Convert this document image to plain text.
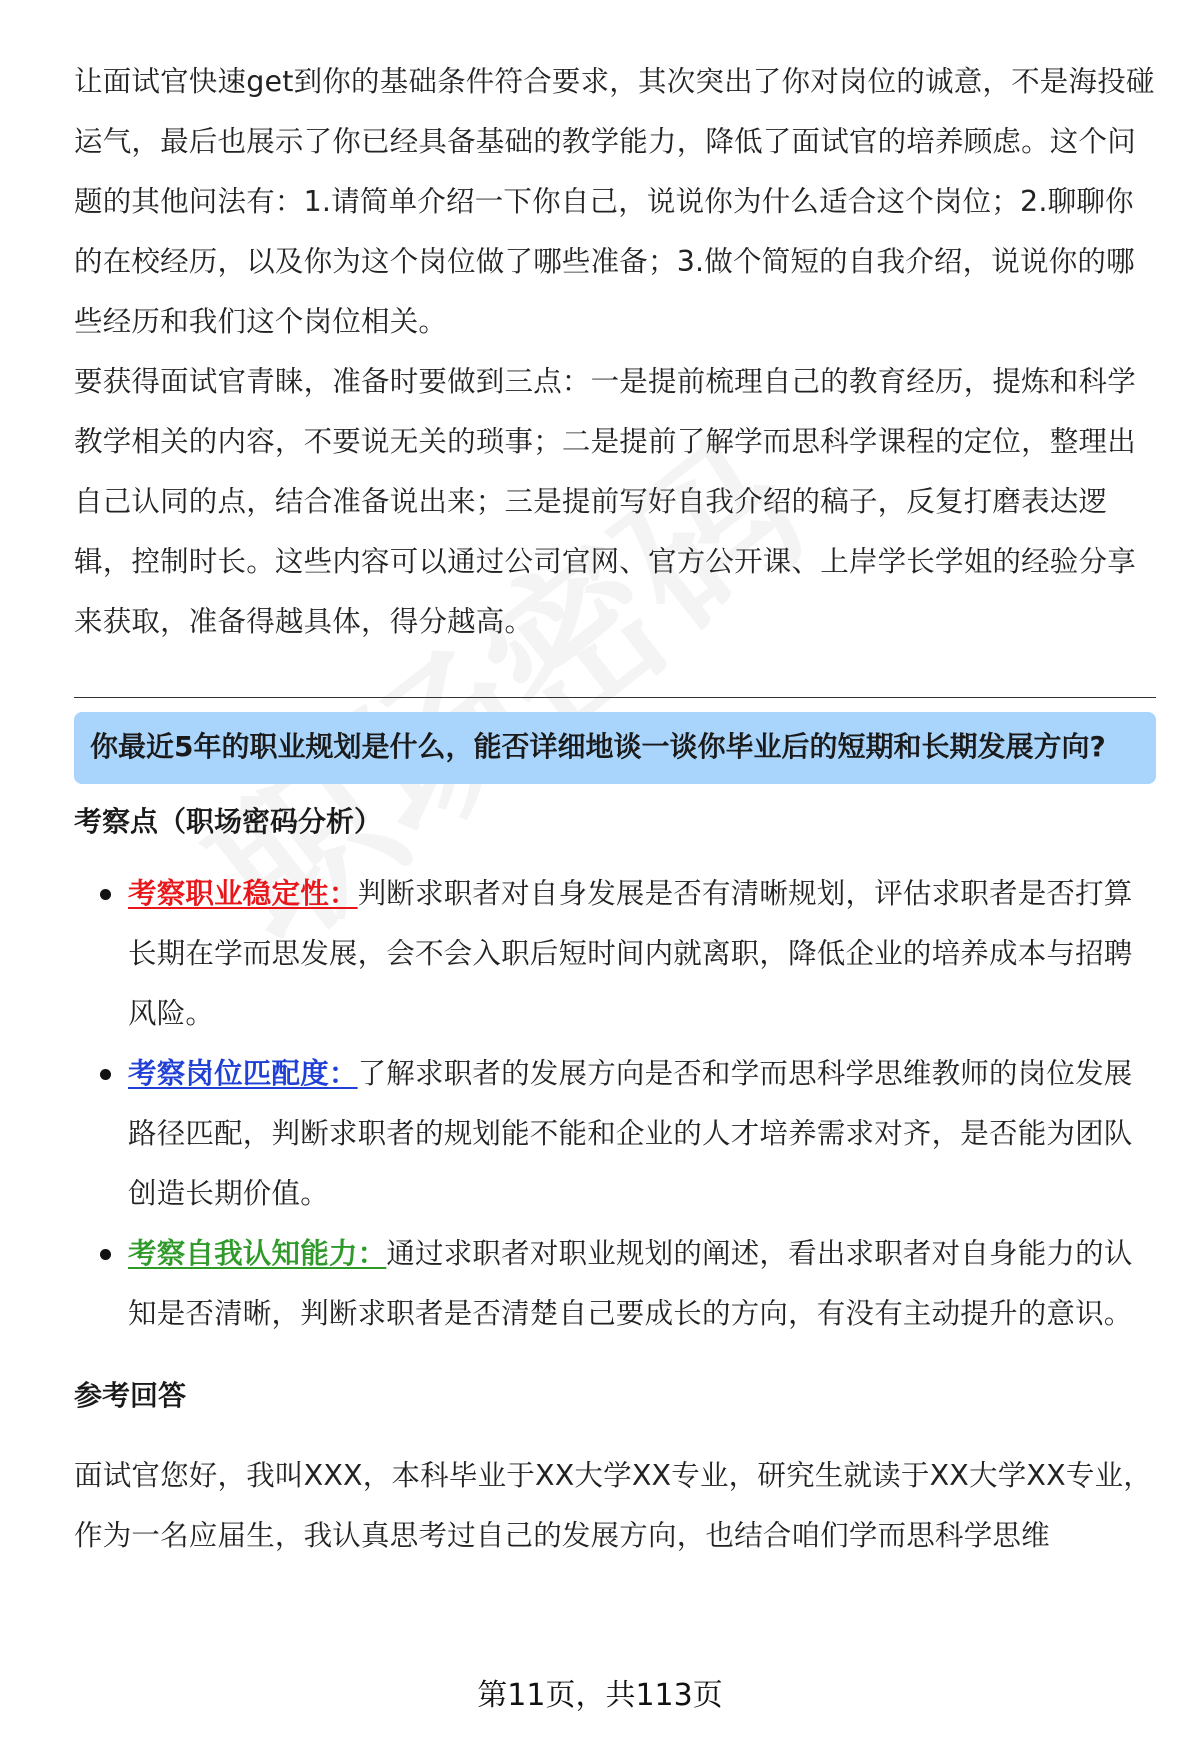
让面试官快速get到你的基础条件符合要求，其次突出了你对岗位的诚意，不是海投碰运气，最后也展示了你已经具备基础的教学能力，降低了面试官的培养顾虑。这个问题的其他问法有：1.请简单介绍一下你自己，说说你为什么适合这个岗位；2.聊聊你的在校经历，以及你为这个岗位做了哪些准备；3.做个简短的自我介绍，说说你的哪些经历和我们这个岗位相关。

要获得面试官青睐，准备时要做到三点：一是提前梳理自己的教育经历，提炼和科学教学相关的内容，不要说无关的琐事；二是提前了解学而思科学课程的定位，整理出自己认同的点，结合准备说出来；三是提前写好自我介绍的稿子，反复打磨表达逻辑，控制时长。这些内容可以通过公司官网、官方公开课、上岸学长学姐的经验分享来获取，准备得越具体，得分越高。

你最近5年的职业规划是什么，能否详细地谈一谈你毕业后的短期和长期发展方向?
考察点（职场密码分析）
考察职业稳定性：判断求职者对自身发展是否有清晰规划，评估求职者是否打算长期在学而思发展，会不会入职后短时间内就离职，降低企业的培养成本与招聘风险。
考察岗位匹配度：了解求职者的发展方向是否和学而思科学思维教师的岗位发展路径匹配，判断求职者的规划能不能和企业的人才培养需求对齐，是否能为团队创造长期价值。
考察自我认知能力：通过求职者对职业规划的阐述，看出求职者对自身能力的认知是否清晰，判断求职者是否清楚自己要成长的方向，有没有主动提升的意识。
参考回答

面试官您好，我叫XXX，本科毕业于XX大学XX专业，研究生就读于XX大学XX专业，作为一名应届生，我认真思考过自己的发展方向，也结合咱们学而思科学思维

第11页，共113页
